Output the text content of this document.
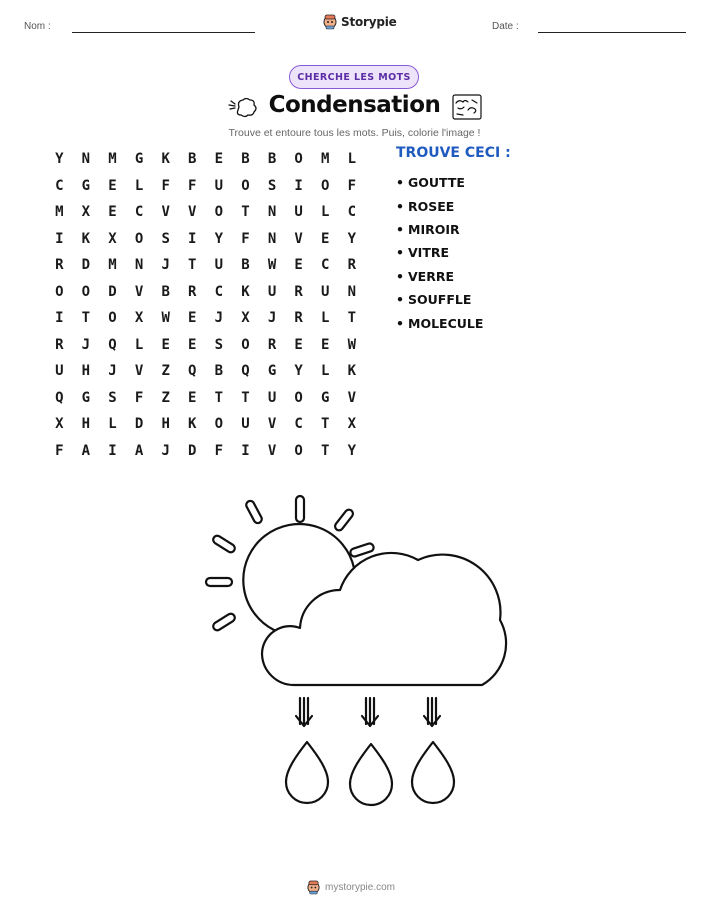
Nom :	Storypie	Date :
CHERCHE LES MOTS
Condensation
Trouve et entoure tous les mots. Puis, colorie l'image !
Y	N	M	G	K	B	E	B	B	O	M	L
C	G	E	L	F	F	U	O	S	I	O	F
M	X	E	C	V	V	O	T	N	U	L	C
I	K	X	O	S	I	Y	F	N	V	E	Y
R	D	M	N	J	T	U	B	W	E	C	R
O	O	D	V	B	R	C	K	U	R	U	N
I	T	O	X	W	E	J	X	J	R	L	T
R	J	Q	L	E	E	S	O	R	E	E	W
U	H	J	V	Z	Q	B	Q	G	Y	L	K
Q	G	S	F	Z	E	T	T	U	O	G	V
X	H	L	D	H	K	O	U	V	C	T	X
F	A	I	A	J	D	F	I	V	O	T	Y
TROUVE CECI :
• GOUTTE
• ROSEE
• MIROIR
• VITRE
• VERRE
• SOUFFLE
• MOLECULE
mystorypie.com
